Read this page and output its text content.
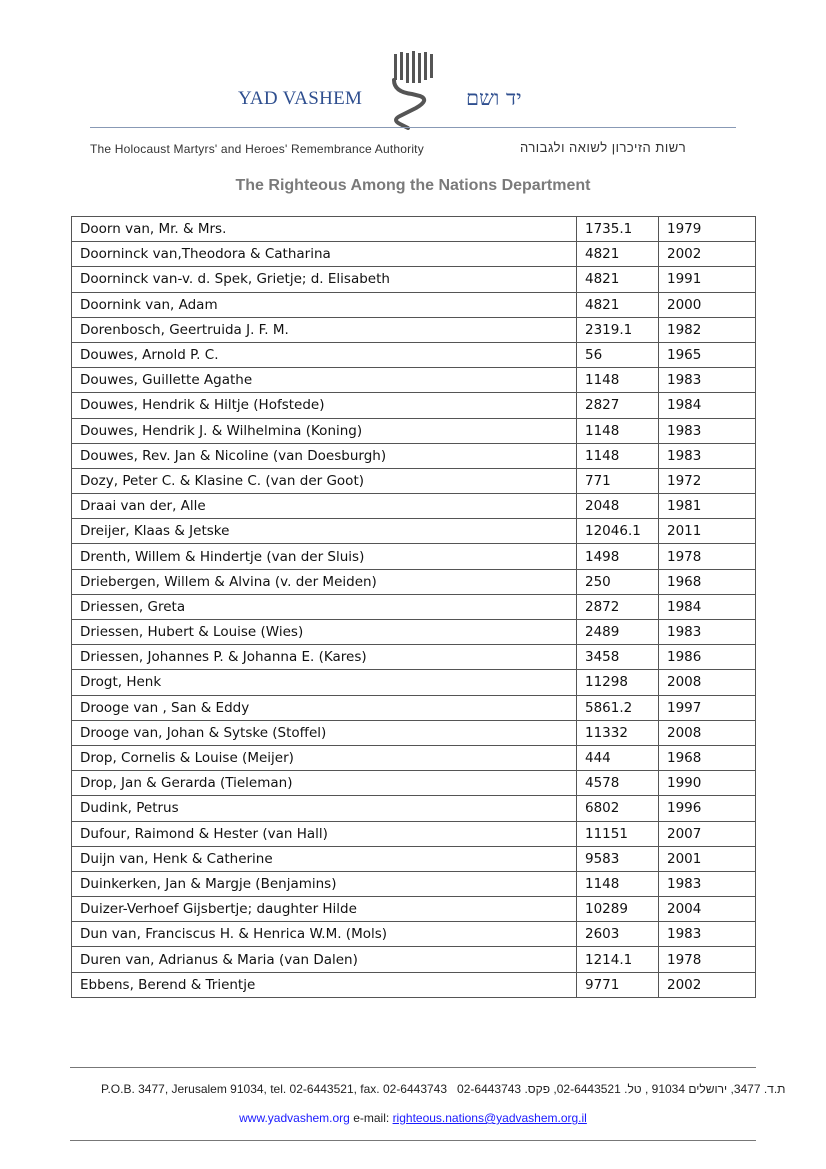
YAD VASHEM	יד ושם
The Holocaust Martyrs' and Heroes' Remembrance Authority	רשות הזיכרון לשואה ולגבורה
The Righteous Among the Nations Department
Doorn van, Mr. & Mrs.	1735.1	1979
Doorninck van,Theodora & Catharina	4821	2002
Doorninck van-v. d. Spek, Grietje; d. Elisabeth	4821	1991
Doornink van, Adam	4821	2000
Dorenbosch, Geertruida J. F. M.	2319.1	1982
Douwes, Arnold P. C.	56	1965
Douwes, Guillette Agathe	1148	1983
Douwes, Hendrik & Hiltje (Hofstede)	2827	1984
Douwes, Hendrik J. & Wilhelmina (Koning)	1148	1983
Douwes, Rev. Jan & Nicoline (van Doesburgh)	1148	1983
Dozy, Peter C. & Klasine C. (van der Goot)	771	1972
Draai van der, Alle	2048	1981
Dreijer, Klaas & Jetske	12046.1	2011
Drenth, Willem & Hindertje (van der Sluis)	1498	1978
Driebergen, Willem & Alvina (v. der Meiden)	250	1968
Driessen, Greta	2872	1984
Driessen, Hubert & Louise (Wies)	2489	1983
Driessen, Johannes P. & Johanna E. (Kares)	3458	1986
Drogt, Henk	11298	2008
Drooge van , San & Eddy	5861.2	1997
Drooge van, Johan & Sytske (Stoffel)	11332	2008
Drop, Cornelis & Louise (Meijer)	444	1968
Drop, Jan & Gerarda (Tieleman)	4578	1990
Dudink, Petrus	6802	1996
Dufour, Raimond & Hester (van Hall)	11151	2007
Duijn van, Henk & Catherine	9583	2001
Duinkerken, Jan & Margje (Benjamins)	1148	1983
Duizer-Verhoef Gijsbertje; daughter Hilde	10289	2004
Dun van, Franciscus H. & Henrica W.M. (Mols)	2603	1983
Duren van, Adrianus & Maria (van Dalen)	1214.1	1978
Ebbens, Berend & Trientje	9771	2002
P.O.B. 3477, Jerusalem 91034, tel. 02-6443521, fax. 02-6443743 ת.ד. 3477, ירושלים 91034 , טל. 02-6443521, פקס. 02-6443743
www.yadvashem.org e-mail: righteous.nations@yadvashem.org.il
